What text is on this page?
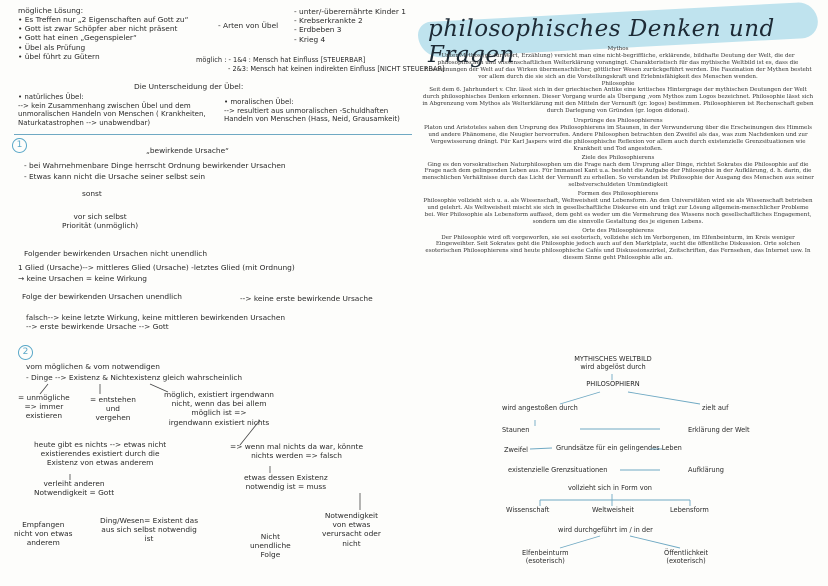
philosophisches Denken und Fragen
mögliche Lösung:
• Es Treffen nur „2 Eigenschaften auf Gott zu“
• Gott ist zwar Schöpfer aber nicht präsent
• Gott hat einen „Gegenspieler“
• Übel als Prüfung
• übel führt zu Gütern
- Arten von Übel
- unter/-überernährte Kinder 1
- Krebserkrankte 2
- Erdbeben 3
- Krieg 4
möglich : - 1&4 : Mensch hat Einfluss [STEUERBAR]
- 2&3: Mensch hat keinen indirekten Einfluss [NICHT STEUERBAR]
Die Unterscheidung der Übel:
• natürliches Übel:
--> kein Zusammenhang zwischen Übel und dem
unmoralischen Handeln von Menschen ( Krankheiten,
Naturkatastrophen --> unabwendbar)
• moralischen Übel:
--> resultiert aus unmoralischen -Schuldhaften
Handeln von Menschen (Hass, Neid, Grausamkeit)
1
„bewirkende Ursache“
- bei Wahrnehmenbare Dinge herrscht Ordnung bewirkender Ursachen
- Etwas kann nicht die Ursache seiner selbst sein
sonst
vor sich selbst
Priorität (unmöglich)
Folgender bewirkenden Ursachen nicht unendlich
1 Glied (Ursache)--> mittleres Glied (Ursache) -letztes Glied (mit Ordnung)
→ keine Ursachen = keine Wirkung
Folge der bewirkenden Ursachen unendlich	--> keine erste bewirkende Ursache
falsch--> keine letzte Wirkung, keine mittleren bewirkenden Ursachen
--> erste bewirkende Ursache --> Gott
2
vom möglichen & vom notwendigen
- Dinge --> Existenz & Nichtexistenz gleich wahrscheinlich
= unmögliche
=> immer
existieren
= entstehen
und
vergehen
möglich, existiert irgendwann
nicht, wenn das bei allem
möglich ist =>
irgendwann existiert nichts
heute gibt es nichts --> etwas nicht
existierendes existiert durch die
Existenz von etwas anderem
=> wenn mal nichts da war, könnte
nichts werden => falsch
verleiht anderen
Notwendigkeit = Gott
etwas dessen Existenz
notwendig ist = muss
Empfangen
nicht von etwas
anderem
Ding/Wesen= Existent das
aus sich selbst notwendig
ist
Notwendigkeit
von etwas
verursacht oder
nicht
Nicht
unendliche
Folge
Mythos
Unter Mythos (gr. für Wort, Erzählung) versicht man eine nicht-begriffliche, erklärende, bildhafte Deutung der Welt, die der philosophischen und wissenschaftlichen Welterklärung vorangingt. Charakteristisch für das mythische Weltbild ist es, dass die Erscheinungen der Welt auf das Wirken übermenschlicher, göttlicher Wesen zurückgeführt werden. Die Faszination der Mythen besteht vor allem durch die sie sich an die Vorstellungskraft und Erlebnisfähigkeit des Menschen wenden.
Philosophie
Seit dem 6. Jahrhundert v. Chr. lässt sich in der griechischen Antike eine kritisches Hintergrage der mythischen Deutungen der Welt durch philosophisches Denken erkennen. Dieser Vorgang wurde als Übergang ‚vom Mythos zum Logos bezeichnet. Philosophie lässt sich in Abgrenzung vom Mythos als Welterklärung mit den Mitteln der Vernunft (gr. logos) bestimmen. Philosophieren ist Rechenschaft geben durch Darlegung von Gründen (gr. logon didonai).
Ursprünge des Philosophierens
Platon und Aristoteles sahen den Ursprung des Philosophierens im Staunen, in der Verwunderung über die Erscheinungen des Himmels und andere Phänomene, die Neugier hervorrufen. Andere Philosophen betrachten den Zweifel als das, was zum Nachdenken und zur Vergewisserung drängt. Für Karl Jaspers wird die philosophische Reflexion vor allem auch durch existenzielle Grenzsituationen wie Krankheit und Tod angestoßen.
Ziele des Philosophierens
Ging es den vorsokratischen Naturphilosophen um die Frage nach dem Ursprung aller Dinge, richtet Sokrates die Philosophie auf die Frage nach dem gelingenden Leben aus. Für Immanuel Kant u.a. besteht die Aufgabe der Philosophie in der Aufklärung, d. h. darin, die menschlichen Verhältnisse durch das Licht der Vernunft zu erhellen. So verstanden ist Philosophie der Ausgang des Menschen aus seiner selbstverschuldeten Unmündigkeit
Formen des Philosophierens
Philosophie vollzieht sich u. a. als Wissenschaft, Weltweisheit und Lebensform. An den Universitäten wird sie als Wissenschaft betrieben und gelehrt. Als Weltweisheit mischt sie sich in gesellschaftliche Diskurse ein und trägt zur Lösung allgemein-menschlicher Probleme bei. Wer Philosophie als Lebensform auffasst, dem geht es weder um die Vermehrung des Wissens noch gesellschaftliches Engagement, sondern um die sinnvolle Gestaltung des je eigenen Lebens.
Orte des Philosophierens
Der Philosophie wird oft vorgeworfen, sie sei esoterisch, vollziehe sich im Verborgenen, im Elfenbeinturm, im Kreis weniger Eingeweihter. Seit Sokrates geht die Philosophie jedoch auch auf den Marktplatz, sucht die öffentliche Diskussion. Orte solchen esoterischen Philosophierens sind heute philosophische Cafés und Diskussionszirkel, Zeitschriften, das Fernsehen, das Internet usw. In diesem Sinne geht Philosophie alle an.
MYTHISCHES WELTBILD
wird abgelöst durch
PHILOSOPHIERN
wird angestoßen durch	zielt auf
Staunen	Erklärung der Welt
Zweifel	Grundsätze für ein gelingendes Leben
existenzielle Grenzsituationen	Aufklärung
vollzieht sich in Form von
Wissenschaft	Weltweisheit	Lebensform
wird durchgeführt im / in der
Elfenbeinturm
(esoterisch)
Öffentlichkeit
(exoterisch)
